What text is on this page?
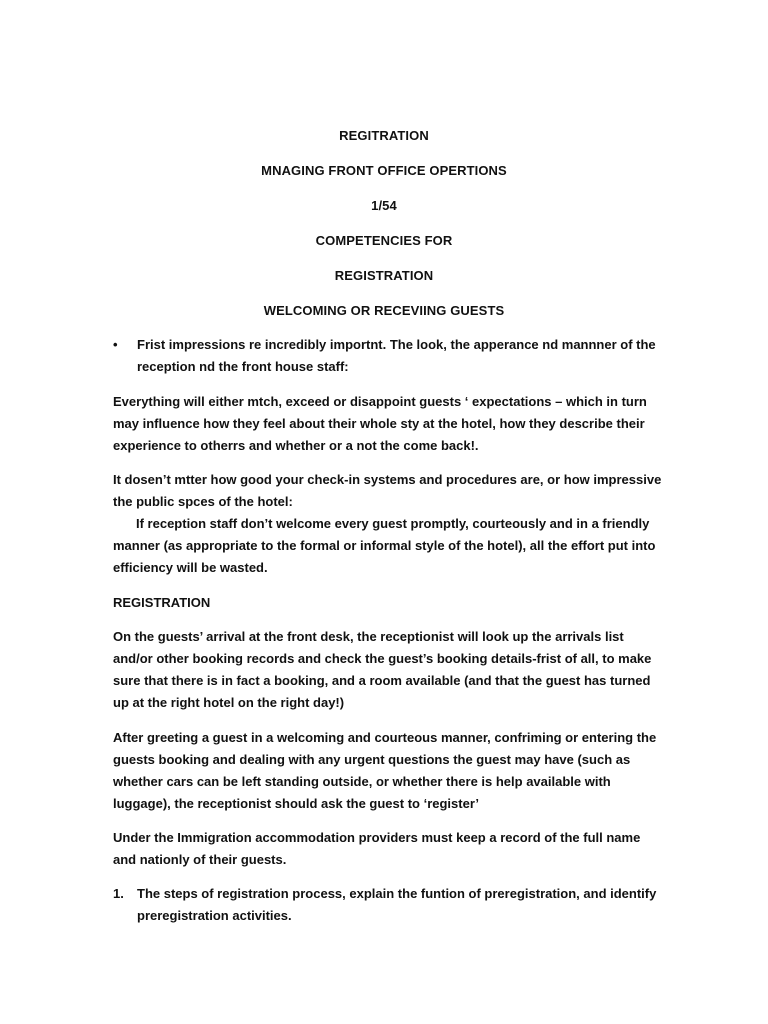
REGITRATION
MNAGING FRONT OFFICE OPERTIONS
1/54
COMPETENCIES FOR
REGISTRATION
WELCOMING OR RECEVIING GUESTS
• Frist impressions re incredibly importnt. The look, the apperance nd mannner of the
reception nd the front house staff:
Everything will either mtch, exceed or disappoint guests ‘ expectations – which in turn
may influence how they feel about their whole sty at the hotel, how they describe their
experience to otherrs and whether or a not the come back!.
It dosen’t mtter how good your check-in systems and procedures are, or how impressive
the public spces of the hotel:
If reception staff don’t welcome every guest promptly, courteously and in a friendly
manner (as appropriate to the formal or informal style of the hotel), all the effort put into
efficiency will be wasted.
REGISTRATION
On the guests’ arrival at the front desk, the receptionist will look up the arrivals list
and/or other booking records and check the guest’s booking details-frist of all, to make
sure that there is in fact a booking, and a room available (and that the guest has turned
up at the right hotel on the right day!)
After greeting a guest in a welcoming and courteous manner, confriming or entering the
guests booking and dealing with any urgent questions the guest may have (such as
whether cars can be left standing outside, or whether there is help available with
luggage), the receptionist should ask the guest to ‘register’
Under the Immigration accommodation providers must keep a record of the full name
and nationly of their guests.
1. The steps of registration process, explain the funtion of preregistration, and identify
preregistration activities.
